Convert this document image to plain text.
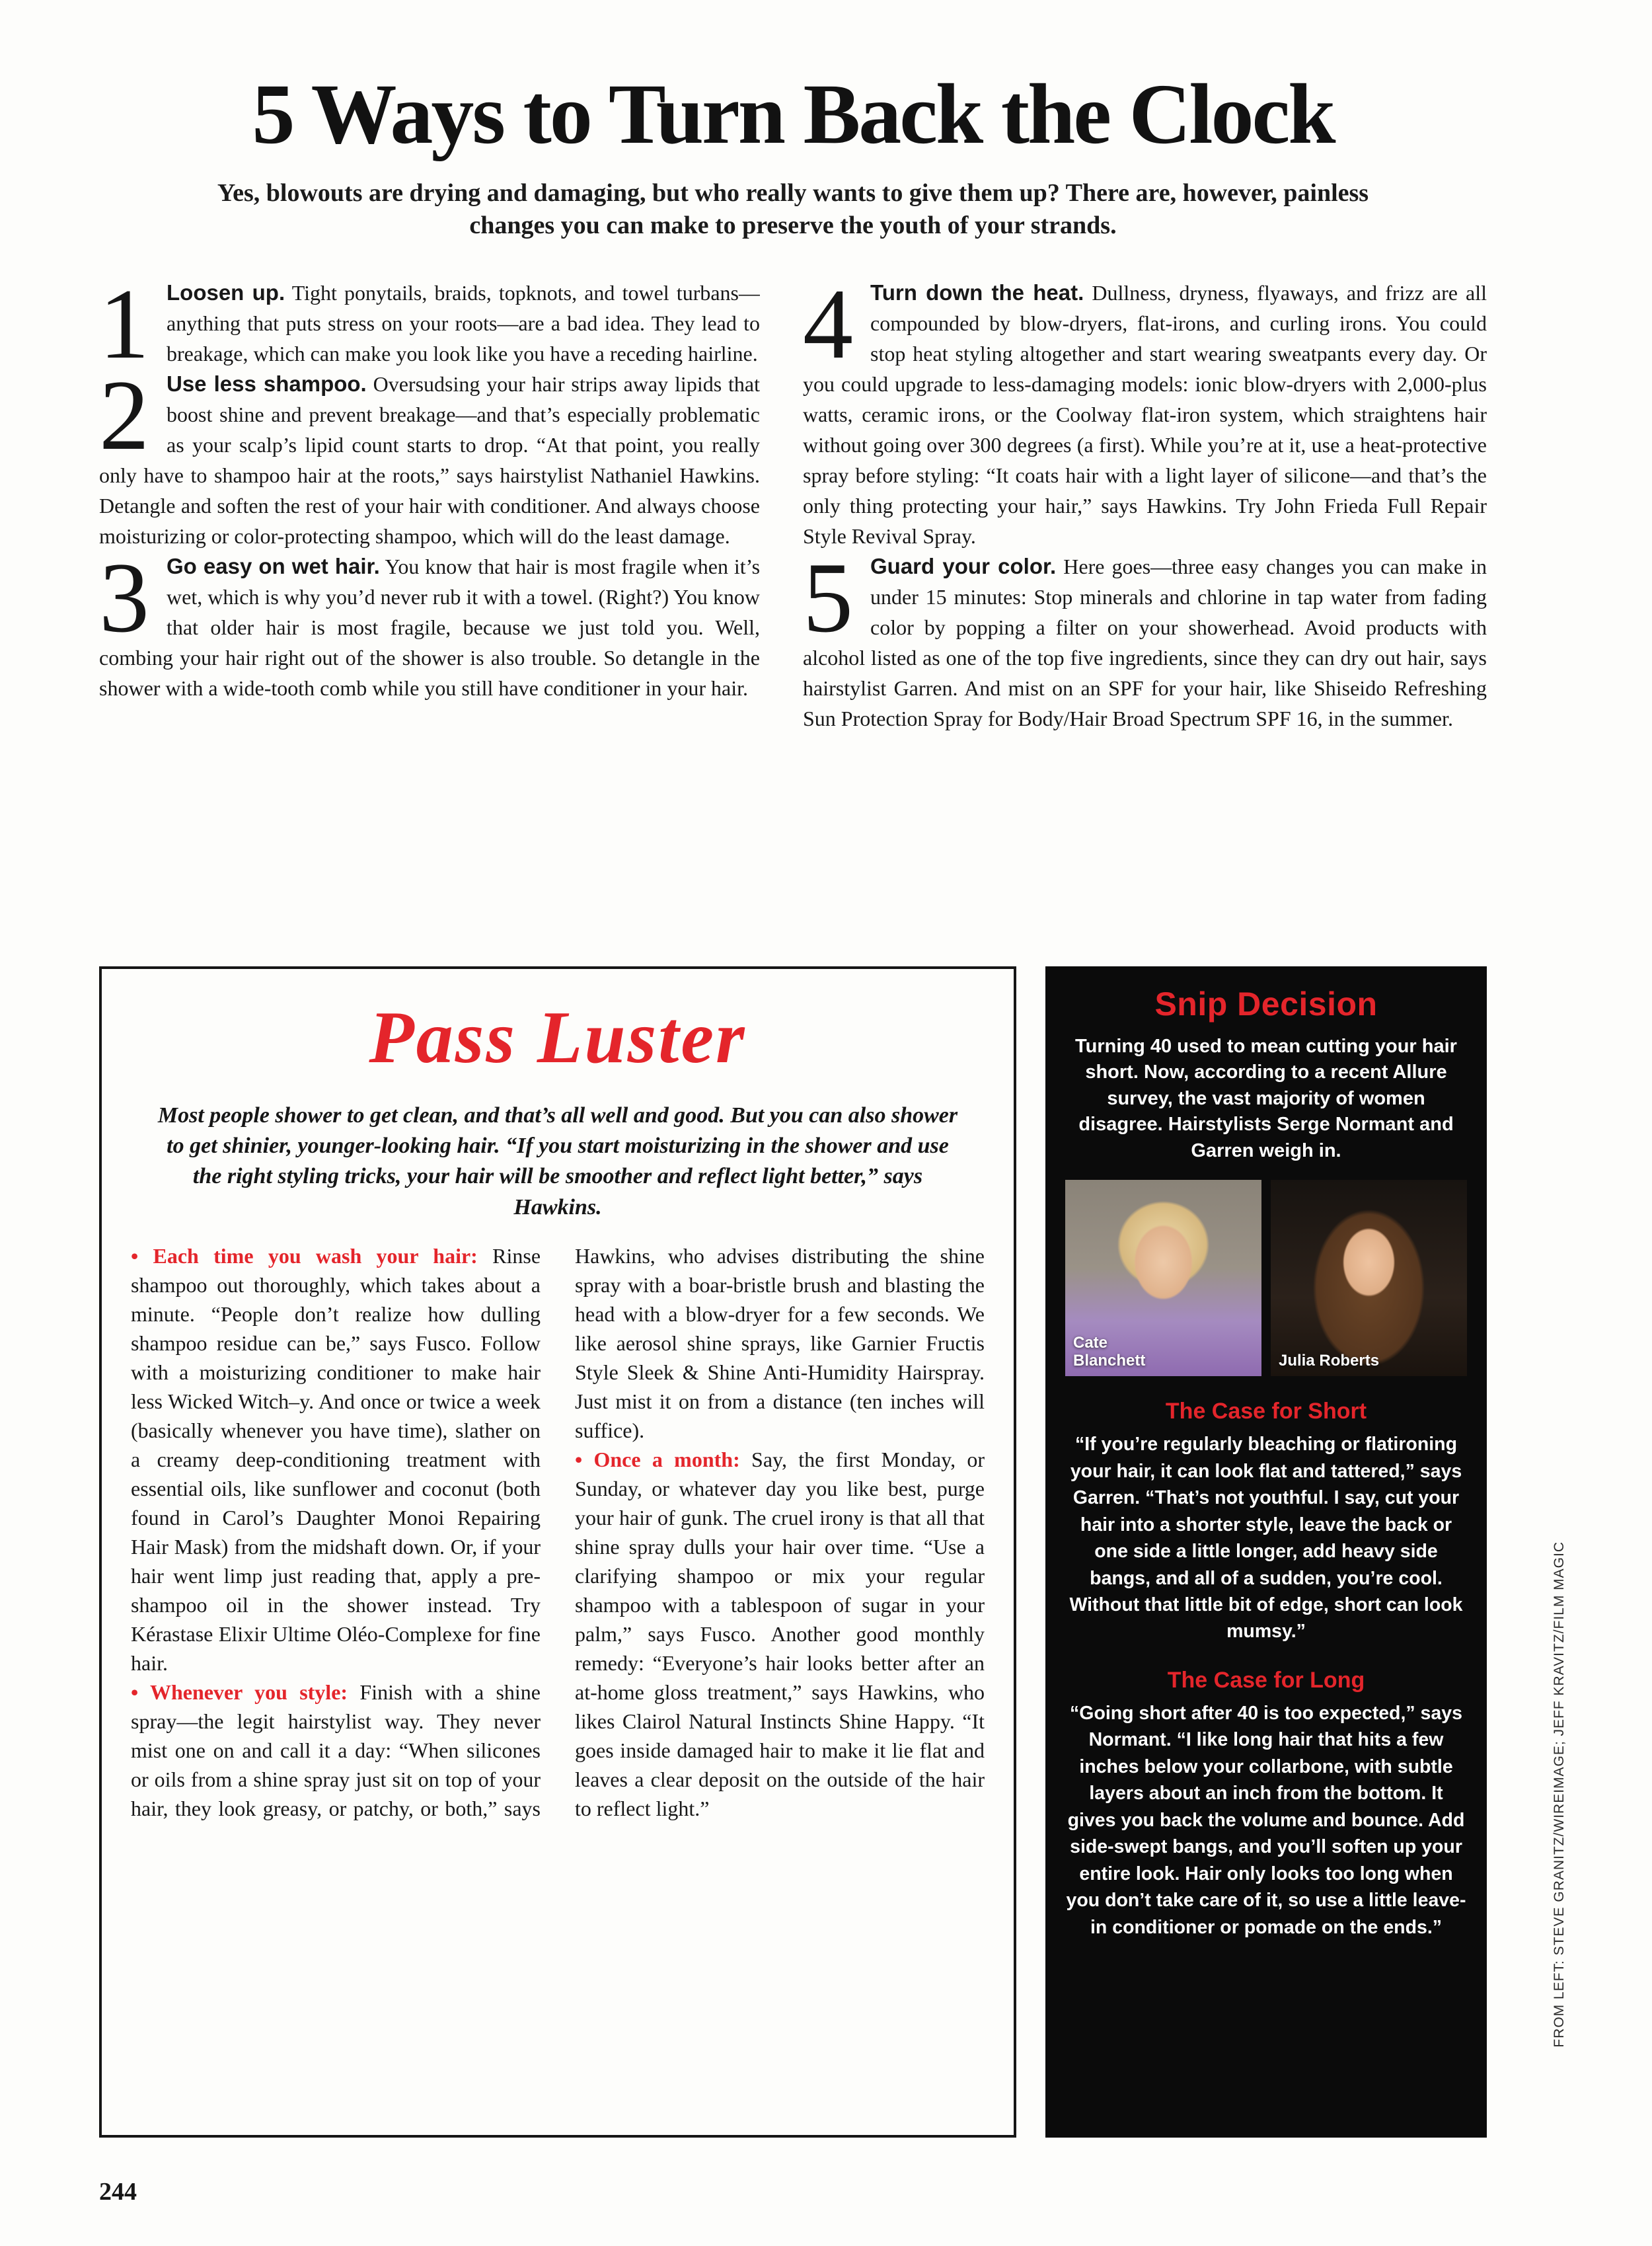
5 Ways to Turn Back the Clock

Yes, blowouts are drying and damaging, but who really wants to give them up? There are, however, painless changes you can make to preserve the youth of your strands.

1 Loosen up. Tight ponytails, braids, topknots, and towel turbans—anything that puts stress on your roots—are a bad idea. They lead to breakage, which can make you look like you have a receding hairline.

2 Use less shampoo. Oversudsing your hair strips away lipids that boost shine and prevent breakage—and that’s especially problematic as your scalp’s lipid count starts to drop. “At that point, you really only have to shampoo hair at the roots,” says hairstylist Nathaniel Hawkins. Detangle and soften the rest of your hair with conditioner. And always choose moisturizing or color-protecting shampoo, which will do the least damage.

3 Go easy on wet hair. You know that hair is most fragile when it’s wet, which is why you’d never rub it with a towel. (Right?) You know that older hair is most fragile, because we just told you. Well, combing your hair right out of the shower is also trouble. So detangle in the shower with a wide-tooth comb while you still have conditioner in your hair.

4 Turn down the heat. Dullness, dryness, flyaways, and frizz are all compounded by blow-dryers, flat-irons, and curling irons. You could stop heat styling altogether and start wearing sweatpants every day. Or you could upgrade to less-damaging models: ionic blow-dryers with 2,000-plus watts, ceramic irons, or the Coolway flat-iron system, which straightens hair without going over 300 degrees (a first). While you’re at it, use a heat-protective spray before styling: “It coats hair with a light layer of silicone—and that’s the only thing protecting your hair,” says Hawkins. Try John Frieda Full Repair Style Revival Spray.

5 Guard your color. Here goes—three easy changes you can make in under 15 minutes: Stop minerals and chlorine in tap water from fading color by popping a filter on your showerhead. Avoid products with alcohol listed as one of the top five ingredients, since they can dry out hair, says hairstylist Garren. And mist on an SPF for your hair, like Shiseido Refreshing Sun Protection Spray for Body/Hair Broad Spectrum SPF 16, in the summer.

Pass Luster

Most people shower to get clean, and that’s all well and good. But you can also shower to get shinier, younger-looking hair. “If you start moisturizing in the shower and use the right styling tricks, your hair will be smoother and reflect light better,” says Hawkins.

• Each time you wash your hair: Rinse shampoo out thoroughly, which takes about a minute. “People don’t realize how dulling shampoo residue can be,” says Fusco. Follow with a moisturizing conditioner to make hair less Wicked Witch–y. And once or twice a week (basically whenever you have time), slather on a creamy deep-conditioning treatment with essential oils, like sunflower and coconut (both found in Carol’s Daughter Monoi Repairing Hair Mask) from the midshaft down. Or, if your hair went limp just reading that, apply a pre-shampoo oil in the shower instead. Try Kérastase Elixir Ultime Oléo-Complexe for fine hair.

• Whenever you style: Finish with a shine spray—the legit hairstylist way. They never mist one on and call it a day: “When silicones or oils from a shine spray just sit on top of your hair, they look greasy, or patchy, or both,” says Hawkins, who advises distributing the shine spray with a boar-bristle brush and blasting the head with a blow-dryer for a few seconds. We like aerosol shine sprays, like Garnier Fructis Style Sleek & Shine Anti-Humidity Hairspray. Just mist it on from a distance (ten inches will suffice).

• Once a month: Say, the first Monday, or Sunday, or whatever day you like best, purge your hair of gunk. The cruel irony is that all that shine spray dulls your hair over time. “Use a clarifying shampoo or mix your regular shampoo with a tablespoon of sugar in your palm,” says Fusco. Another good monthly remedy: “Everyone’s hair looks better after an at-home gloss treatment,” says Hawkins, who likes Clairol Natural Instincts Shine Happy. “It goes inside damaged hair to make it lie flat and leaves a clear deposit on the outside of the hair to reflect light.”

Snip Decision

Turning 40 used to mean cutting your hair short. Now, according to a recent Allure survey, the vast majority of women disagree. Hairstylists Serge Normant and Garren weigh in.

Cate Blanchett	Julia Roberts
The Case for Short

“If you’re regularly bleaching or flatironing your hair, it can look flat and tattered,” says Garren. “That’s not youthful. I say, cut your hair into a shorter style, leave the back or one side a little longer, add heavy side bangs, and all of a sudden, you’re cool. Without that little bit of edge, short can look mumsy.”

The Case for Long

“Going short after 40 is too expected,” says Normant. “I like long hair that hits a few inches below your collarbone, with subtle layers about an inch from the bottom. It gives you back the volume and bounce. Add side-swept bangs, and you’ll soften up your entire look. Hair only looks too long when you don’t take care of it, so use a little leave-in conditioner or pomade on the ends.”	FROM LEFT: STEVE GRANITZ/WIREIMAGE; JEFF KRAVITZ/FILM MAGIC
244
